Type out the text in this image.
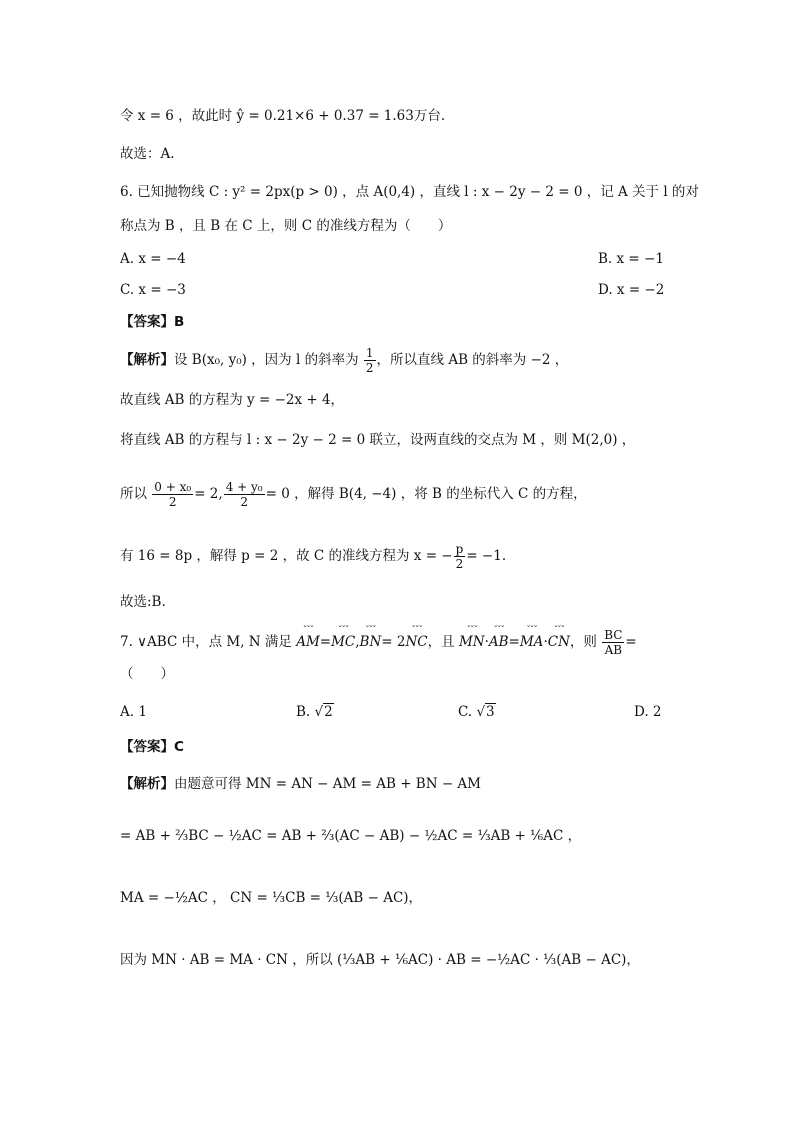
令 x = 6 ，故此时 ŷ = 0.21×6 + 0.37 = 1.63万台.
故选：A.
6. 已知抛物线 C : y² = 2px(p > 0) ，点 A(0,4) ，直线 l : x − 2y − 2 = 0 ，记 A 关于 l 的对
称点为 B ，且 B 在 C 上，则 C 的准线方程为（　　）
A. x = −4	B. x = −1
C. x = −3	D. x = −2
【答案】B
【解析】设 B(x₀, y₀) ，因为 l 的斜率为 $\frac{1}{2}$ ，所以直线 AB 的斜率为 −2 ，
故直线 AB 的方程为 y = −2x + 4，
将直线 AB 的方程与 l : x − 2y − 2 = 0 联立，设两直线的交点为 M ，则 M(2,0) ，
所以 $\frac{\text{0 + x₀}}{2} = 2$, $\frac{\text{4 + y₀}}{2} = 0$ ，解得 B(4, −4) ，将 B 的坐标代入 C 的方程，
有 16 = 8p ，解得 p = 2 ，故 C 的准线方程为 x = − $\frac{p}{2} = -1$.
故选:B.
7. ∨ABC 中，点 M, N 满足 ˇˇˇ AM=ˇˇˇ MC,ˇˇˇ BN= 2ˇˇˇ NC，且 ˇˇˇ MN·ˇˇˇ AB=ˇˇˇ MA·ˇˇˇ CN，则 $\frac{BC}{AB}$ =
（　　）
A. 1	B. √2	C. √3	D. 2
【答案】C
【解析】由题意可得 MN = AN − AM = AB + BN − AM
= AB + ⅔BC − ½AC = AB + ⅔(AC − AB) − ½AC = ⅓AB + ⅙AC ，
MA = −½AC ， CN = ⅓CB = ⅓(AB − AC)，
因为 MN · AB = MA · CN ，所以 (⅓AB + ⅙AC) · AB = −½AC · ⅓(AB − AC)，
